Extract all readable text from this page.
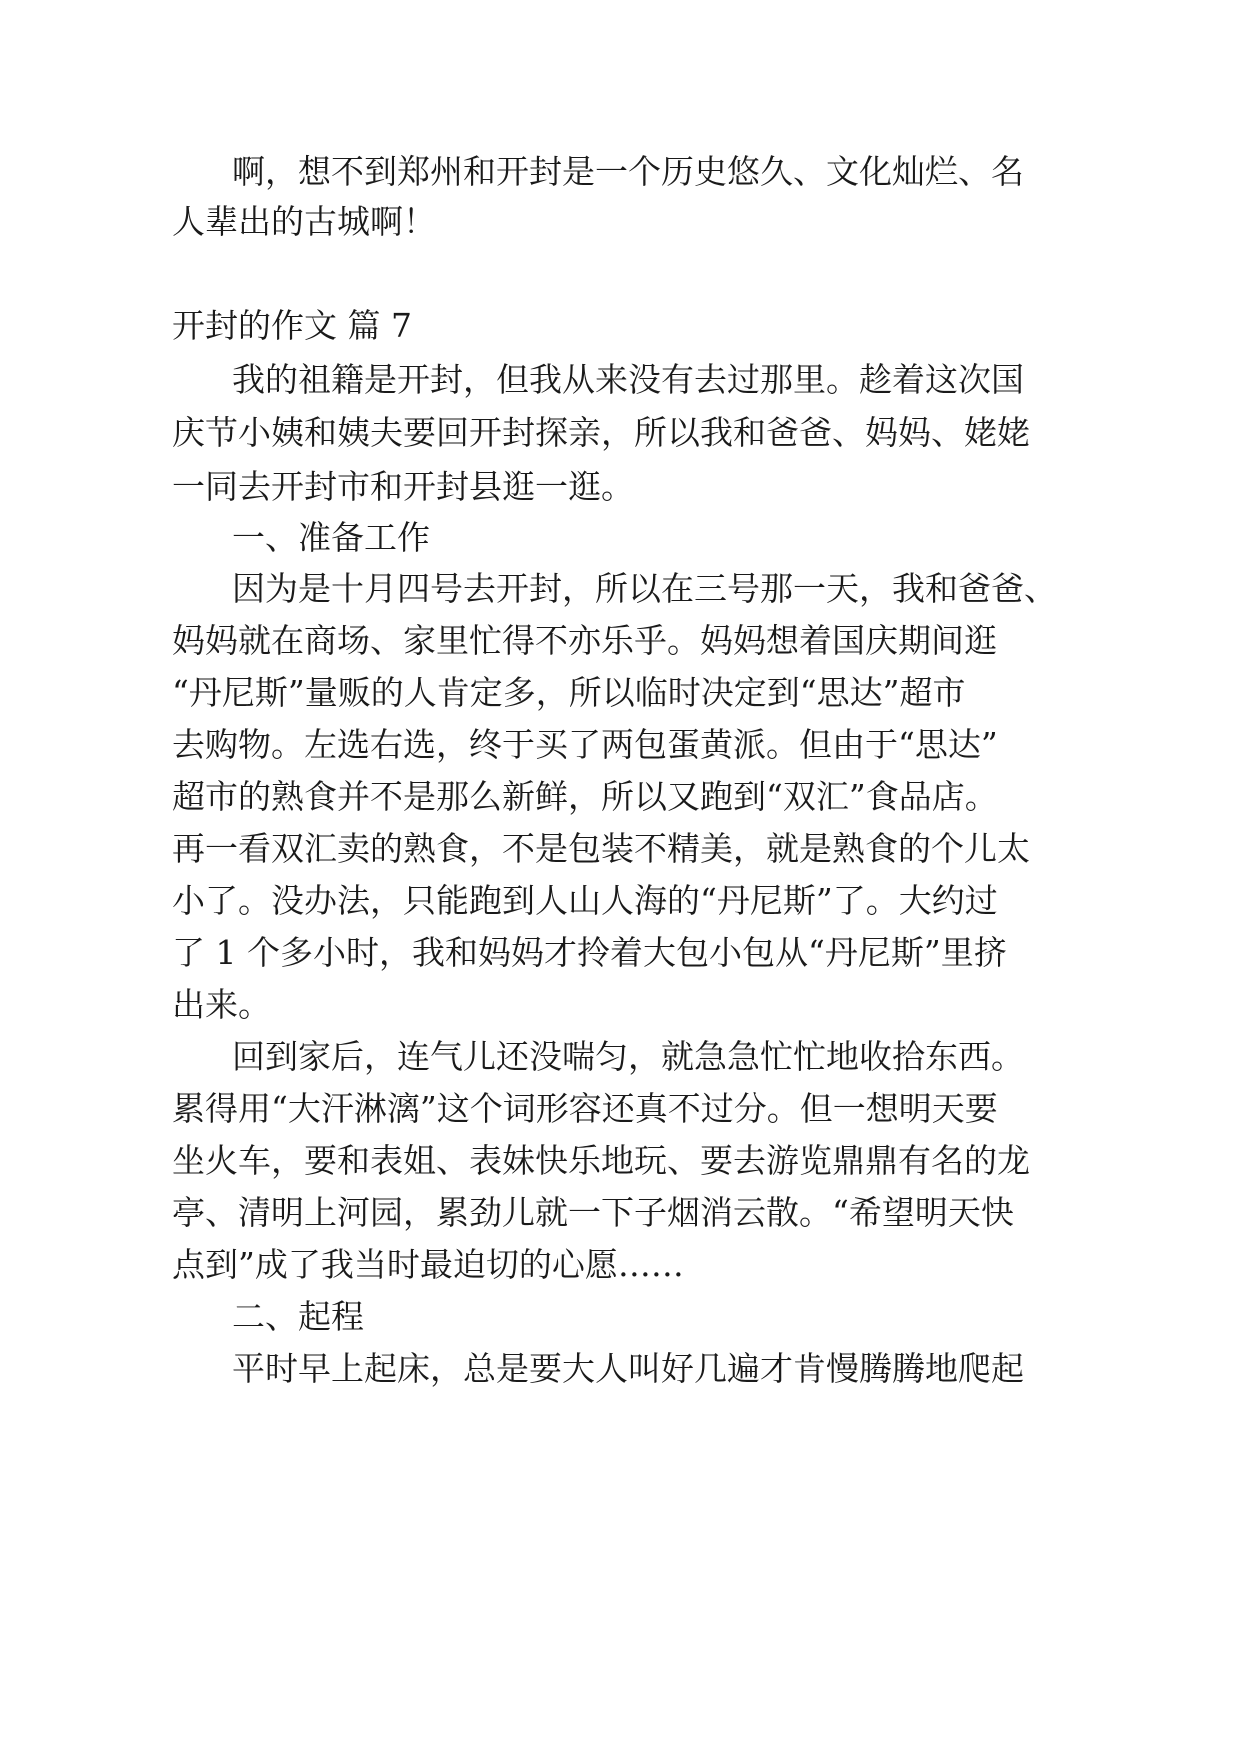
啊，想不到郑州和开封是一个历史悠久、文化灿烂、名
人辈出的古城啊！
开封的作文 篇 7
我的祖籍是开封，但我从来没有去过那里。趁着这次国
庆节小姨和姨夫要回开封探亲，所以我和爸爸、妈妈、姥姥
一同去开封市和开封县逛一逛。
一、准备工作
因为是十月四号去开封，所以在三号那一天，我和爸爸、
妈妈就在商场、家里忙得不亦乐乎。妈妈想着国庆期间逛
“丹尼斯”量贩的人肯定多，所以临时决定到“思达”超市
去购物。左选右选，终于买了两包蛋黄派。但由于“思达”
超市的熟食并不是那么新鲜，所以又跑到“双汇”食品店。
再一看双汇卖的熟食，不是包装不精美，就是熟食的个儿太
小了。没办法，只能跑到人山人海的“丹尼斯”了。大约过
了 1 个多小时，我和妈妈才拎着大包小包从“丹尼斯”里挤
出来。
回到家后，连气儿还没喘匀，就急急忙忙地收拾东西。
累得用“大汗淋漓”这个词形容还真不过分。但一想明天要
坐火车，要和表姐、表妹快乐地玩、要去游览鼎鼎有名的龙
亭、清明上河园，累劲儿就一下子烟消云散。“希望明天快
点到”成了我当时最迫切的心愿……
二、起程
平时早上起床，总是要大人叫好几遍才肯慢腾腾地爬起
